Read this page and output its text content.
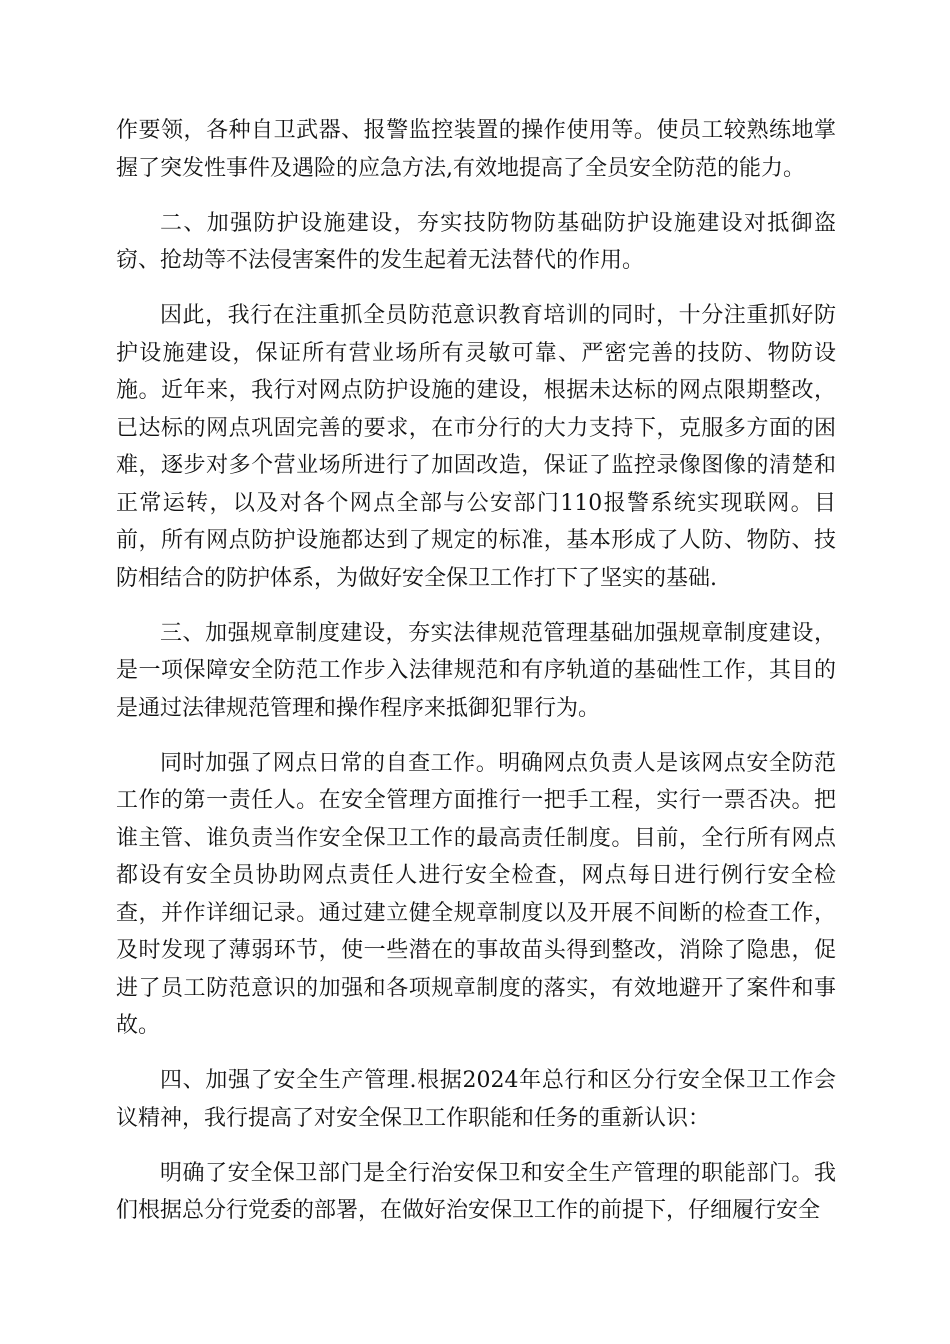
作要领，各种自卫武器、报警监控装置的操作使用等。使员工较熟练地掌握了突发性事件及遇险的应急方法,有效地提高了全员安全防范的能力。

二、加强防护设施建设，夯实技防物防基础防护设施建设对抵御盗窃、抢劫等不法侵害案件的发生起着无法替代的作用。

因此，我行在注重抓全员防范意识教育培训的同时，十分注重抓好防护设施建设，保证所有营业场所有灵敏可靠、严密完善的技防、物防设施。近年来，我行对网点防护设施的建设，根据未达标的网点限期整改，已达标的网点巩固完善的要求，在市分行的大力支持下，克服多方面的困难，逐步对多个营业场所进行了加固改造，保证了监控录像图像的清楚和正常运转，以及对各个网点全部与公安部门110报警系统实现联网。目前，所有网点防护设施都达到了规定的标准，基本形成了人防、物防、技防相结合的防护体系，为做好安全保卫工作打下了坚实的基础.

三、加强规章制度建设，夯实法律规范管理基础加强规章制度建设，是一项保障安全防范工作步入法律规范和有序轨道的基础性工作，其目的是通过法律规范管理和操作程序来抵御犯罪行为。

同时加强了网点日常的自查工作。明确网点负责人是该网点安全防范工作的第一责任人。在安全管理方面推行一把手工程，实行一票否决。把谁主管、谁负责当作安全保卫工作的最高责任制度。目前，全行所有网点都设有安全员协助网点责任人进行安全检查，网点每日进行例行安全检查，并作详细记录。通过建立健全规章制度以及开展不间断的检查工作，及时发现了薄弱环节，使一些潜在的事故苗头得到整改，消除了隐患，促进了员工防范意识的加强和各项规章制度的落实，有效地避开了案件和事故。

四、加强了安全生产管理.根据2024年总行和区分行安全保卫工作会议精神，我行提高了对安全保卫工作职能和任务的重新认识：

明确了安全保卫部门是全行治安保卫和安全生产管理的职能部门。我们根据总分行党委的部署，在做好治安保卫工作的前提下，仔细履行安全
